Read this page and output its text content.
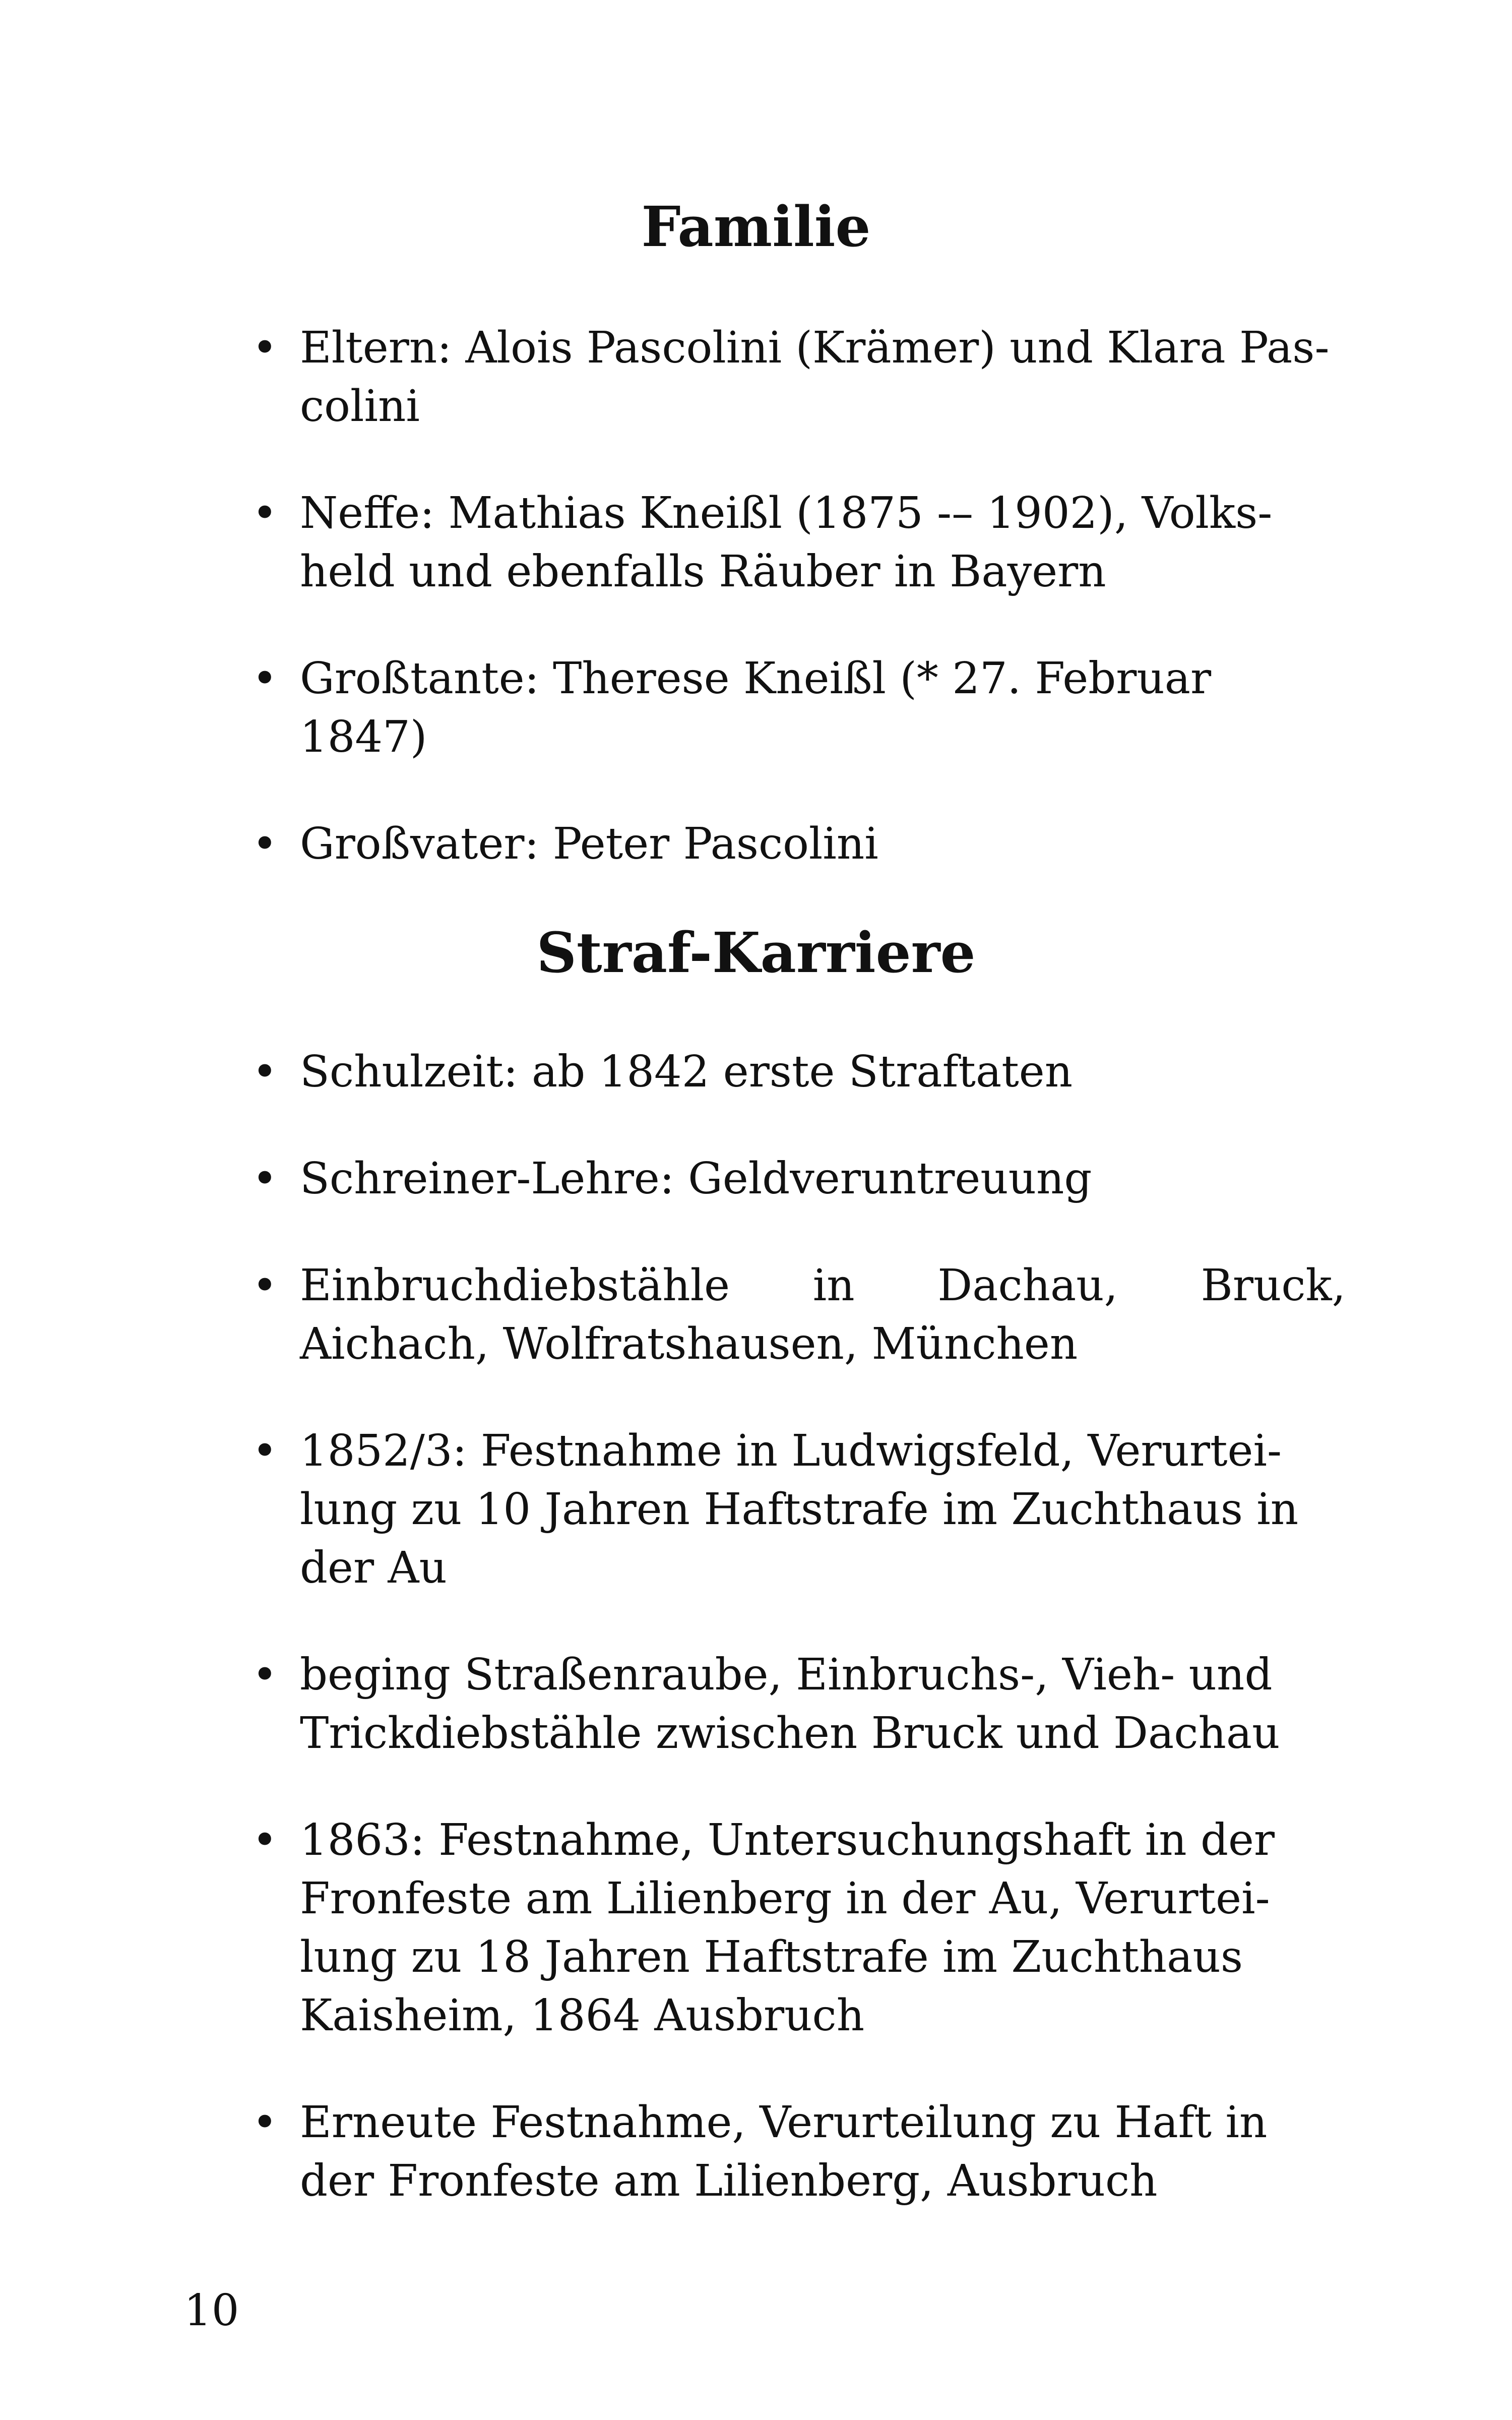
Familie
• Eltern: Alois Pascolini (Krämer) und Klara Pas-colini
• Neffe: Mathias Kneißl (1875 -– 1902), Volks-held und ebenfalls Räuber in Bayern
• Großtante: Therese Kneißl (* 27. Februar 1847)
• Großvater: Peter Pascolini
Straf-Karriere
• Schulzeit: ab 1842 erste Straftaten
• Schreiner-Lehre: Geldveruntreuung
• Einbruchdiebstähle in Dachau, Bruck,
Aichach, Wolfratshausen, München
• 1852/3: Festnahme in Ludwigsfeld, Verurtei-lung zu 10 Jahren Haftstrafe im Zuchthaus in der Au
• beging Straßenraube, Einbruchs-, Vieh- und Trickdiebstähle zwischen Bruck und Dachau
• 1863: Festnahme, Untersuchungshaft in der Fronfeste am Lilienberg in der Au, Verurtei-lung zu 18 Jahren Haftstrafe im Zuchthaus Kaisheim, 1864 Ausbruch
• Erneute Festnahme, Verurteilung zu Haft in der Fronfeste am Lilienberg, Ausbruch
10
